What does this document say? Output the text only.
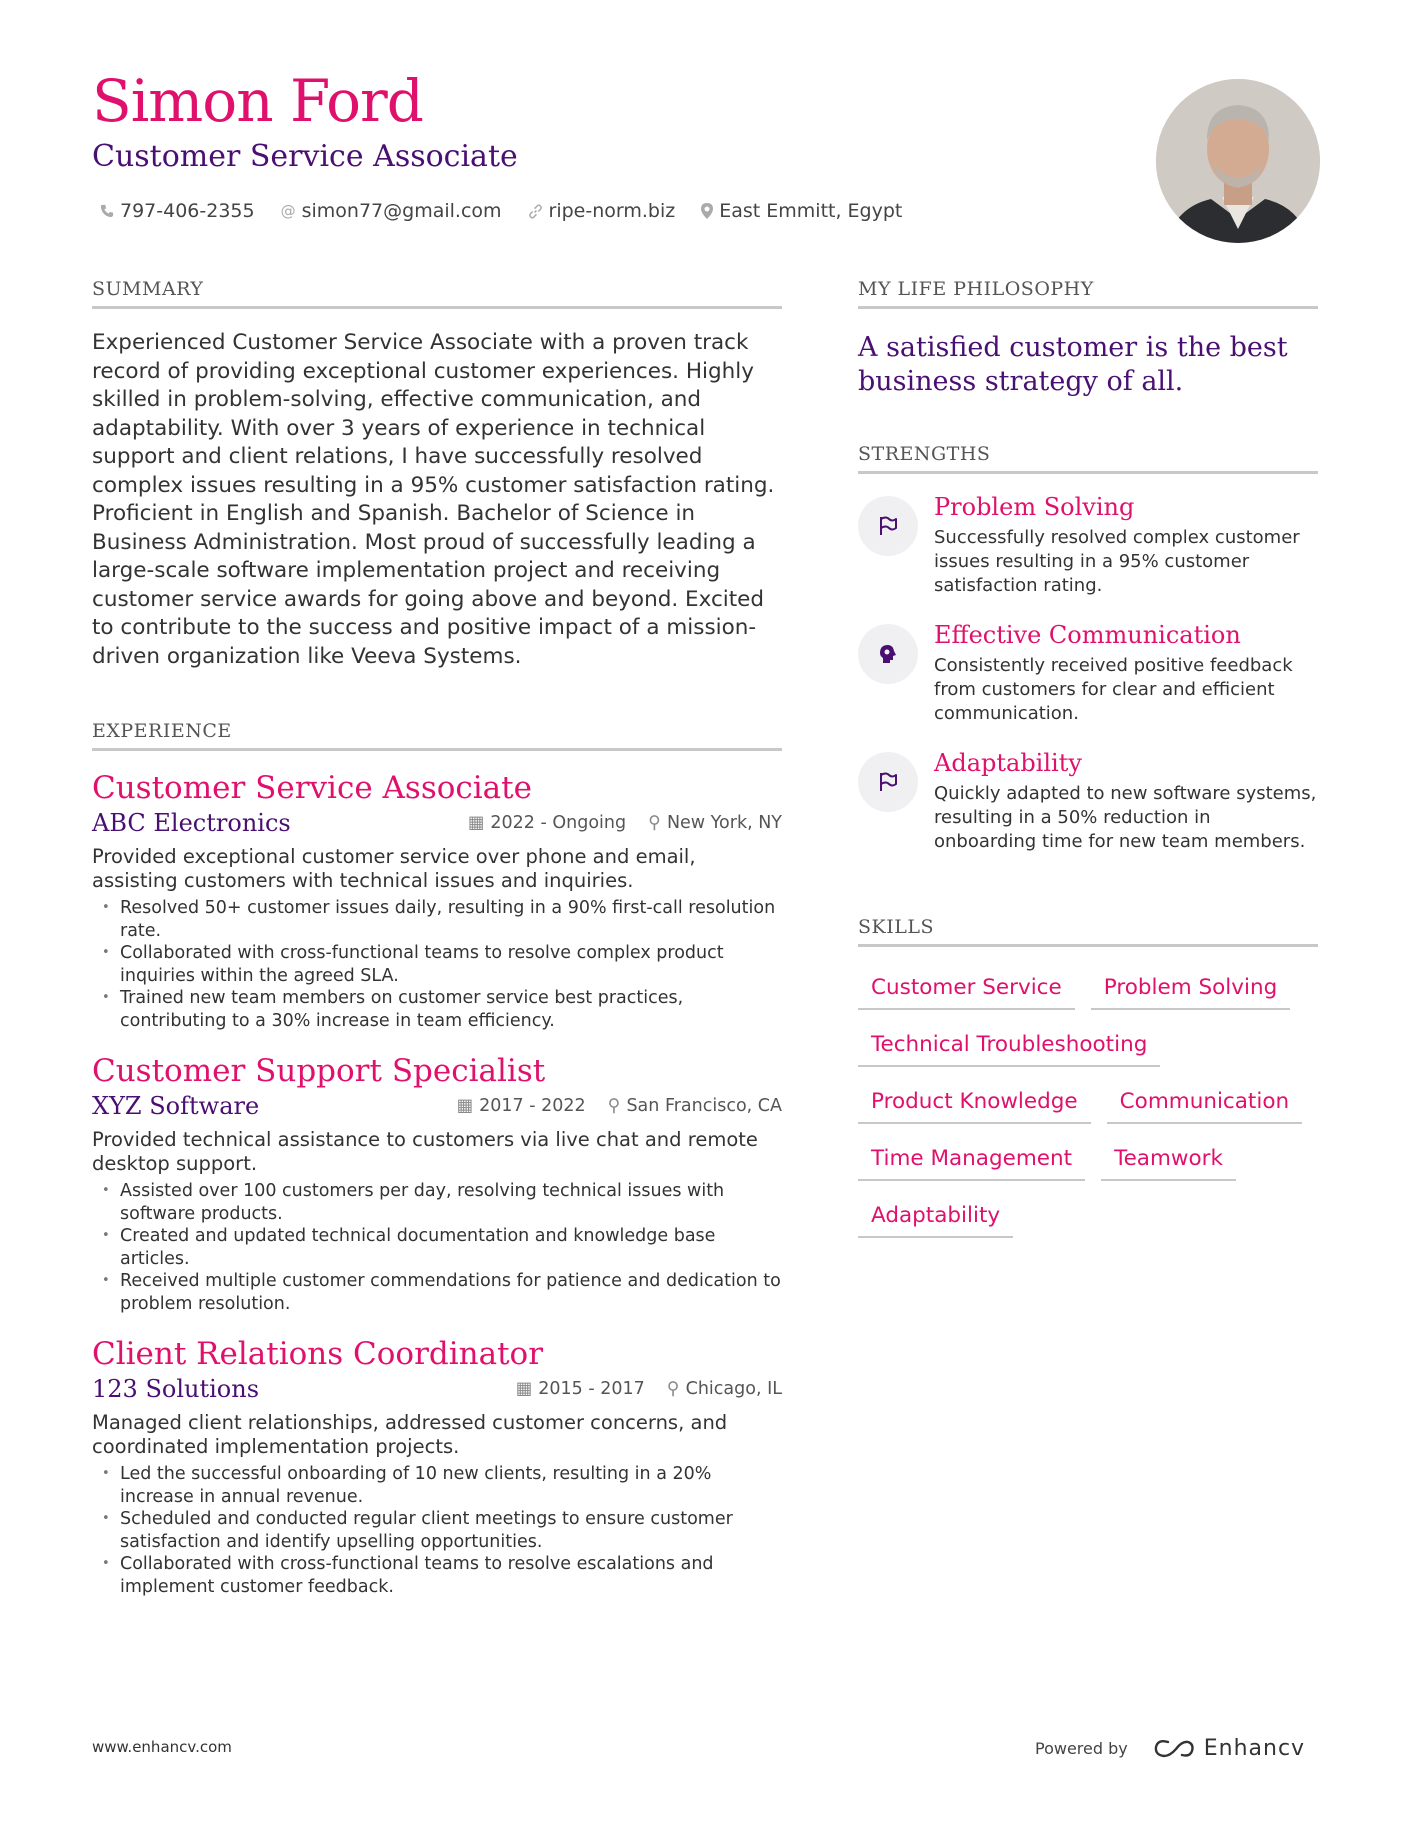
Simon Ford
Customer Service Associate
797-406-2355 @ simon77@gmail.com ripe-norm.biz East Emmitt, Egypt
SUMMARY

Experienced Customer Service Associate with a proven track record of providing exceptional customer experiences. Highly skilled in problem-solving, effective communication, and adaptability. With over 3 years of experience in technical support and client relations, I have successfully resolved complex issues resulting in a 95% customer satisfaction rating. Proficient in English and Spanish. Bachelor of Science in Business Administration. Most proud of successfully leading a large-scale software implementation project and receiving customer service awards for going above and beyond. Excited to contribute to the success and positive impact of a mission-driven organization like Veeva Systems.

EXPERIENCE
Customer Service Associate
ABC Electronics	▦ 2022 - Ongoing ⚲ New York, NY

Provided exceptional customer service over phone and email, assisting customers with technical issues and inquiries.

• Resolved 50+ customer issues daily, resulting in a 90% first-call resolution rate.
• Collaborated with cross-functional teams to resolve complex product inquiries within the agreed SLA.
• Trained new team members on customer service best practices, contributing to a 30% increase in team efficiency.
Customer Support Specialist
XYZ Software	▦ 2017 - 2022 ⚲ San Francisco, CA

Provided technical assistance to customers via live chat and remote desktop support.

• Assisted over 100 customers per day, resolving technical issues with software products.
• Created and updated technical documentation and knowledge base articles.
• Received multiple customer commendations for patience and dedication to problem resolution.
Client Relations Coordinator
123 Solutions	▦ 2015 - 2017 ⚲ Chicago, IL

Managed client relationships, addressed customer concerns, and coordinated implementation projects.

• Led the successful onboarding of 10 new clients, resulting in a 20% increase in annual revenue.
• Scheduled and conducted regular client meetings to ensure customer satisfaction and identify upselling opportunities.
• Collaborated with cross-functional teams to resolve escalations and implement customer feedback.
MY LIFE PHILOSOPHY

A satisfied customer is the best business strategy of all.

STRENGTHS
Problem Solving

Successfully resolved complex customer issues resulting in a 95% customer satisfaction rating.

Effective Communication

Consistently received positive feedback from customers for clear and efficient communication.

Adaptability

Quickly adapted to new software systems, resulting in a 50% reduction in onboarding time for new team members.

SKILLS
Customer Service	Problem Solving
Technical Troubleshooting
Product Knowledge	Communication
Time Management	Teamwork
Adaptability
www.enhancv.com	Powered by	Enhancv
